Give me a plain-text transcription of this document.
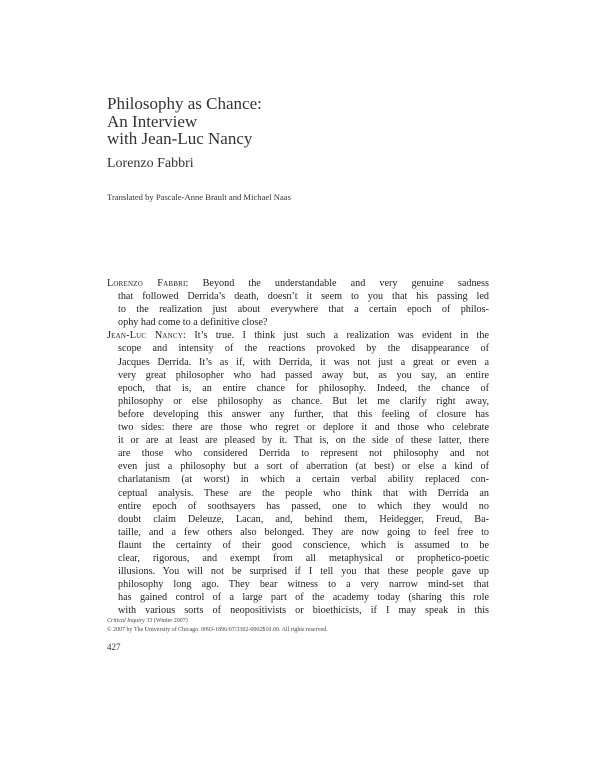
Philosophy as Chance:
An Interview
with Jean-Luc Nancy
Lorenzo Fabbri
Translated by Pascale-Anne Brault and Michael Naas
Lorenzo Fabbri: Beyond the understandable and very genuine sadness
that followed Derrida’s death, doesn’t it seem to you that his passing led
to the realization just about everywhere that a certain epoch of philos-
ophy had come to a definitive close?
Jean-Luc Nancy: It’s true. I think just such a realization was evident in the
scope and intensity of the reactions provoked by the disappearance of
Jacques Derrida. It’s as if, with Derrida, it was not just a great or even a
very great philosopher who had passed away but, as you say, an entire
epoch, that is, an entire chance for philosophy. Indeed, the chance of
philosophy or else philosophy as chance. But let me clarify right away,
before developing this answer any further, that this feeling of closure has
two sides: there are those who regret or deplore it and those who celebrate
it or are at least are pleased by it. That is, on the side of these latter, there
are those who considered Derrida to represent not philosophy and not
even just a philosophy but a sort of aberration (at best) or else a kind of
charlatanism (at worst) in which a certain verbal ability replaced con-
ceptual analysis. These are the people who think that with Derrida an
entire epoch of soothsayers has passed, one to which they would no
doubt claim Deleuze, Lacan, and, behind them, Heidegger, Freud, Ba-
taille, and a few others also belonged. They are now going to feel free to
flaunt the certainty of their good conscience, which is assumed to be
clear, rigorous, and exempt from all metaphysical or prophetico-poetic
illusions. You will not be surprised if I tell you that these people gave up
philosophy long ago. They bear witness to a very narrow mind-set that
has gained control of a large part of the academy today (sharing this role
with various sorts of neopositivists or bioethicists, if I may speak in this
Critical Inquiry 33 (Winter 2007)
© 2007 by The University of Chicago. 0093-1896/07/3302-0002$10.00. All rights reserved.
427
